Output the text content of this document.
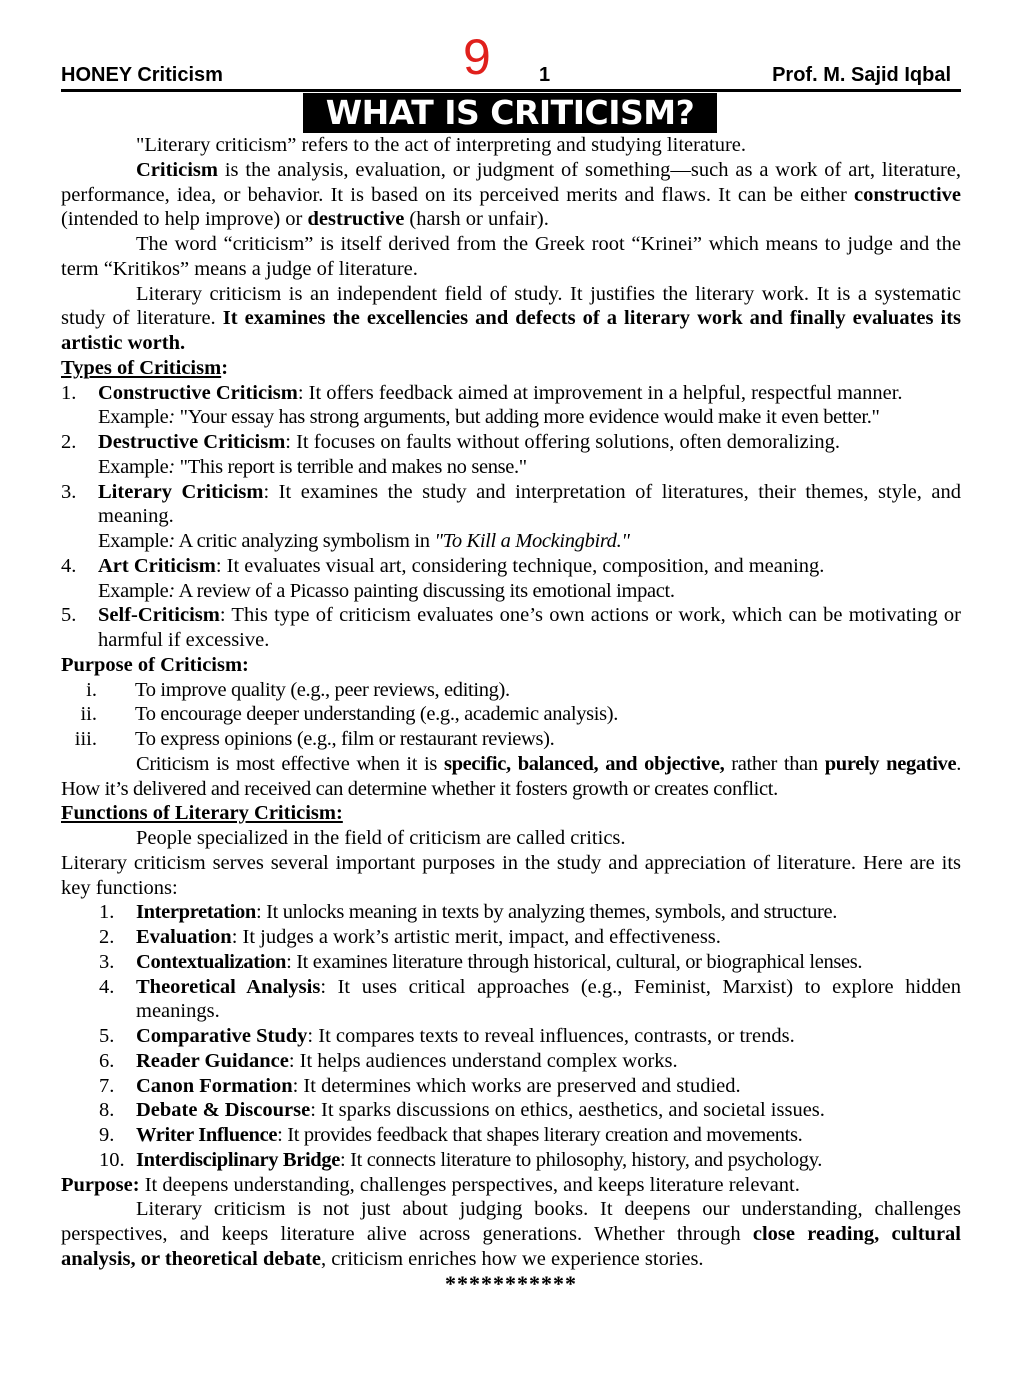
HONEY Criticism	9 1	Prof. M. Sajid Iqbal
WHAT IS CRITICISM?

"Literary criticism” refers to the act of interpreting and studying literature.

Criticism is the analysis, evaluation, or judgment of something—such as a work of art, literature, performance, idea, or behavior. It is based on its perceived merits and flaws. It can be either constructive (intended to help improve) or destructive (harsh or unfair).

The word “criticism” is itself derived from the Greek root “Krinei” which means to judge and the term “Kritikos” means a judge of literature.

Literary criticism is an independent field of study. It justifies the literary work. It is a systematic study of literature. It examines the excellencies and defects of a literary work and finally evaluates its artistic worth.

Types of Criticism:
1.	Constructive Criticism: It offers feedback aimed at improvement in a helpful, respectful manner.
Example: "Your essay has strong arguments, but adding more evidence would make it even better."
2.	Destructive Criticism: It focuses on faults without offering solutions, often demoralizing.
Example: "This report is terrible and makes no sense."
3.	Literary Criticism: It examines the study and interpretation of literatures, their themes, style, and meaning.
Example: A critic analyzing symbolism in "To Kill a Mockingbird."
4.	Art Criticism: It evaluates visual art, considering technique, composition, and meaning.
Example: A review of a Picasso painting discussing its emotional impact.
5.	Self-Criticism: This type of criticism evaluates one’s own actions or work, which can be motivating or harmful if excessive.
Purpose of Criticism:
i.	To improve quality (e.g., peer reviews, editing).
ii.	To encourage deeper understanding (e.g., academic analysis).
iii.	To express opinions (e.g., film or restaurant reviews).

Criticism is most effective when it is specific, balanced, and objective, rather than purely negative. How it’s delivered and received can determine whether it fosters growth or creates conflict.

Functions of Literary Criticism:

People specialized in the field of criticism are called critics.

Literary criticism serves several important purposes in the study and appreciation of literature. Here are its key functions:

1.	Interpretation: It unlocks meaning in texts by analyzing themes, symbols, and structure.
2.	Evaluation: It judges a work’s artistic merit, impact, and effectiveness.
3.	Contextualization: It examines literature through historical, cultural, or biographical lenses.
4.	Theoretical Analysis: It uses critical approaches (e.g., Feminist, Marxist) to explore hidden meanings.
5.	Comparative Study: It compares texts to reveal influences, contrasts, or trends.
6.	Reader Guidance: It helps audiences understand complex works.
7.	Canon Formation: It determines which works are preserved and studied.
8.	Debate & Discourse: It sparks discussions on ethics, aesthetics, and societal issues.
9.	Writer Influence: It provides feedback that shapes literary creation and movements.
10. Interdisciplinary Bridge: It connects literature to philosophy, history, and psychology.

Purpose: It deepens understanding, challenges perspectives, and keeps literature relevant.

Literary criticism is not just about judging books. It deepens our understanding, challenges perspectives, and keeps literature alive across generations. Whether through close reading, cultural analysis, or theoretical debate, criticism enriches how we experience stories.

***********
